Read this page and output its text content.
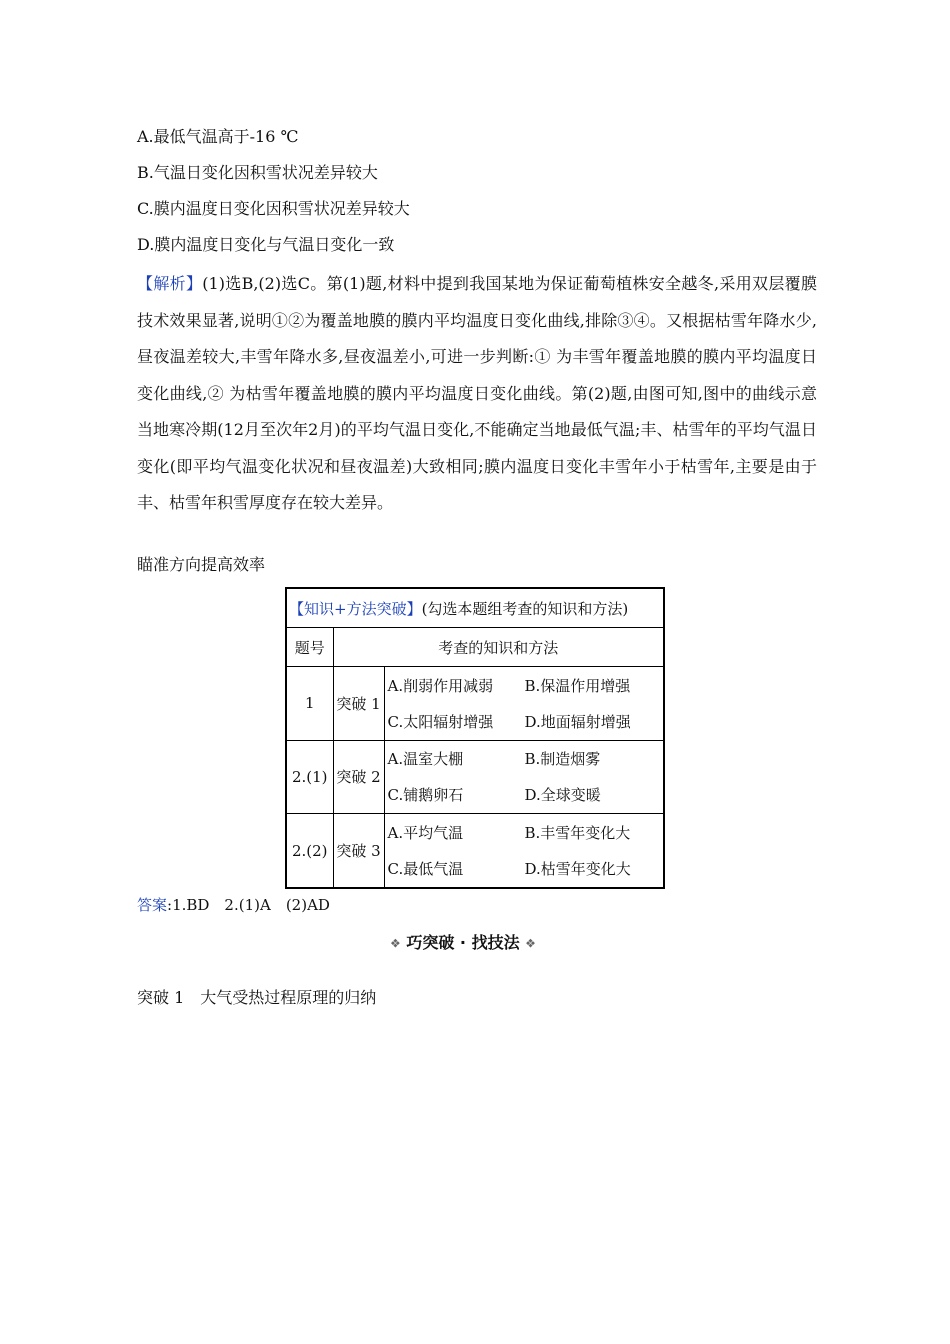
A.最低气温高于-16 ℃
B.气温日变化因积雪状况差异较大
C.膜内温度日变化因积雪状况差异较大
D.膜内温度日变化与气温日变化一致

【解析】(1)选B,(2)选C。第(1)题,材料中提到我国某地为保证葡萄植株安全越冬,采用双层覆膜技术效果显著,说明①②为覆盖地膜的膜内平均温度日变化曲线,排除③④。又根据枯雪年降水少,昼夜温差较大,丰雪年降水多,昼夜温差小,可进一步判断:① 为丰雪年覆盖地膜的膜内平均温度日变化曲线,② 为枯雪年覆盖地膜的膜内平均温度日变化曲线。第(2)题,由图可知,图中的曲线示意当地寒冷期(12月至次年2月)的平均气温日变化,不能确定当地最低气温;丰、枯雪年的平均气温日变化(即平均气温变化状况和昼夜温差)大致相同;膜内温度日变化丰雪年小于枯雪年,主要是由于丰、枯雪年积雪厚度存在较大差异。

瞄准方向提高效率
【知识+方法突破】(勾选本题组考查的知识和方法)		
题号	考查的知识和方法	
1	突破 1	A.削弱作用减弱 B.保温作用增强
C.太阳辐射增强 D.地面辐射增强

2.(1)	突破 2	A.温室大棚 B.制造烟雾
C.铺鹅卵石 D.全球变暖

2.(2)	突破 3	A.平均气温 B.丰雪年变化大
C.最低气温 D.枯雪年变化大
答案:1.BD　2.(1)A　(2)AD
❖ 巧突破 · 找技法 ❖
突破 1　大气受热过程原理的归纳
